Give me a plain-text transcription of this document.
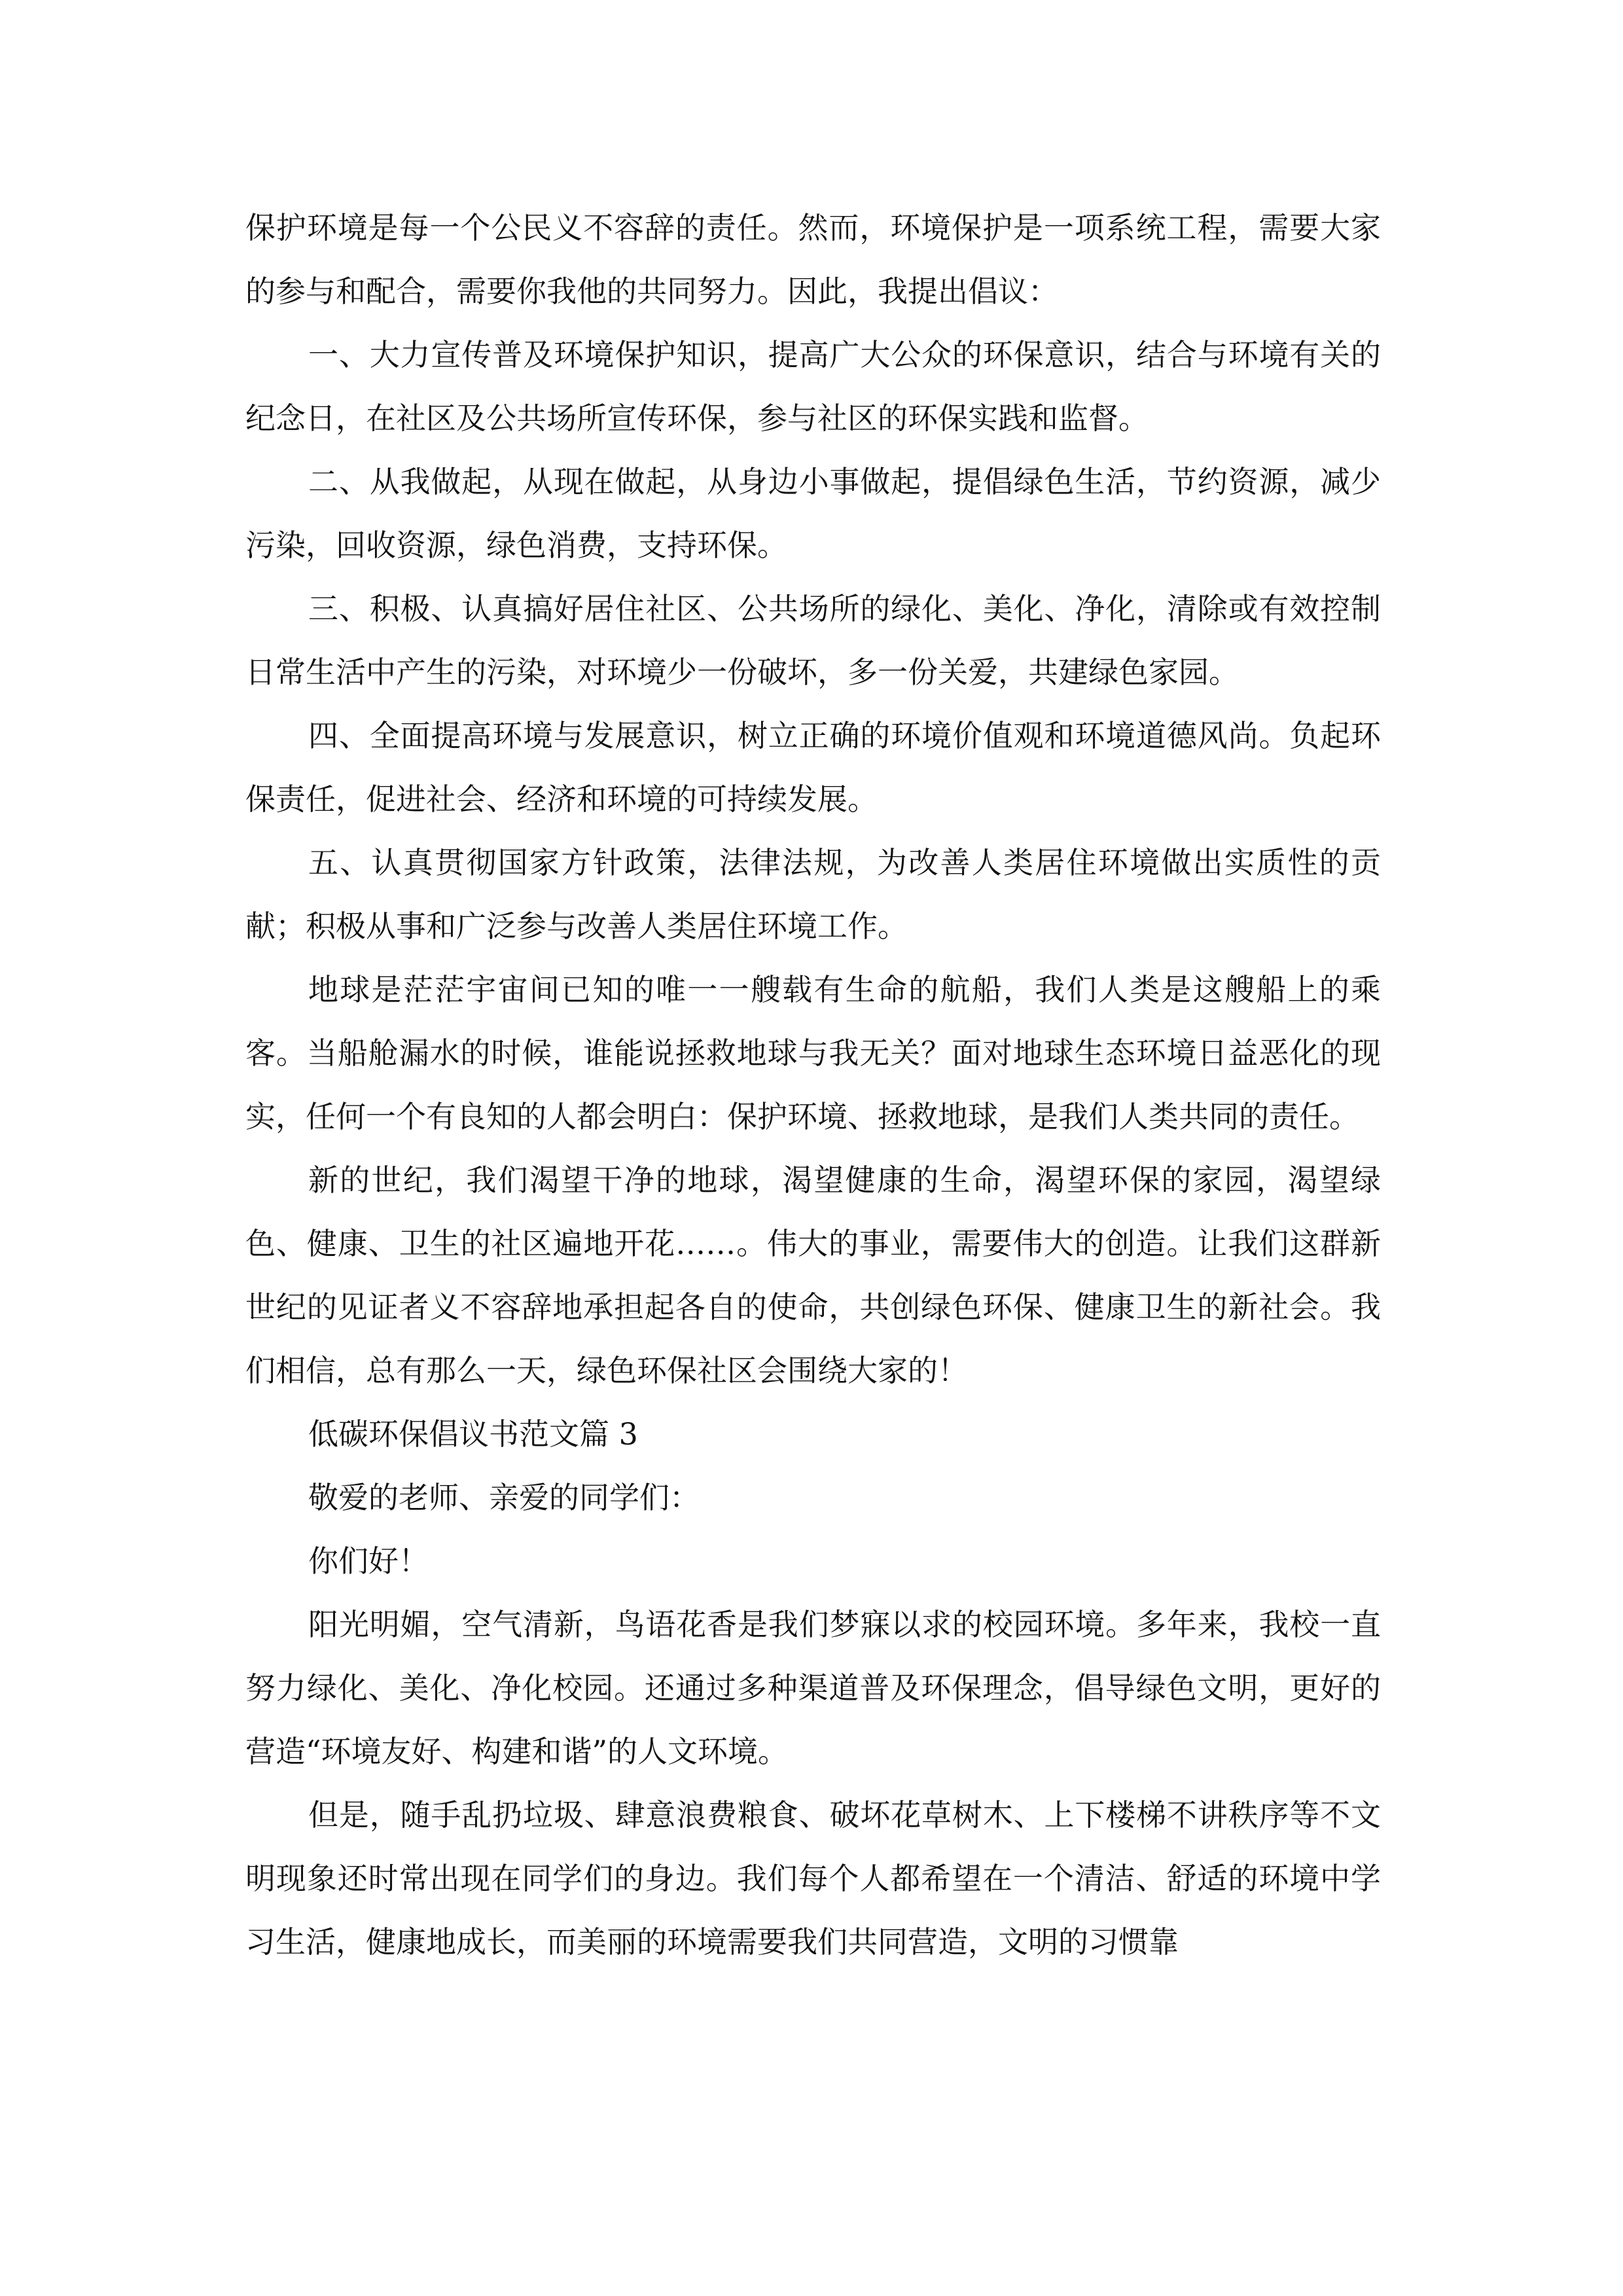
保护环境是每一个公民义不容辞的责任。然而，环境保护是一项系统工程，需要大家的参与和配合，需要你我他的共同努力。因此，我提出倡议：

一、大力宣传普及环境保护知识，提高广大公众的环保意识，结合与环境有关的纪念日，在社区及公共场所宣传环保，参与社区的环保实践和监督。

二、从我做起，从现在做起，从身边小事做起，提倡绿色生活，节约资源，减少污染，回收资源，绿色消费，支持环保。

三、积极、认真搞好居住社区、公共场所的绿化、美化、净化，清除或有效控制日常生活中产生的污染，对环境少一份破坏，多一份关爱，共建绿色家园。

四、全面提高环境与发展意识，树立正确的环境价值观和环境道德风尚。负起环保责任，促进社会、经济和环境的可持续发展。

五、认真贯彻国家方针政策，法律法规，为改善人类居住环境做出实质性的贡献；积极从事和广泛参与改善人类居住环境工作。

地球是茫茫宇宙间已知的唯一一艘载有生命的航船，我们人类是这艘船上的乘客。当船舱漏水的时候，谁能说拯救地球与我无关？面对地球生态环境日益恶化的现实，任何一个有良知的人都会明白：保护环境、拯救地球，是我们人类共同的责任。

新的世纪，我们渴望干净的地球，渴望健康的生命，渴望环保的家园，渴望绿色、健康、卫生的社区遍地开花……。伟大的事业，需要伟大的创造。让我们这群新世纪的见证者义不容辞地承担起各自的使命，共创绿色环保、健康卫生的新社会。我们相信，总有那么一天，绿色环保社区会围绕大家的！

低碳环保倡议书范文篇 3

敬爱的老师、亲爱的同学们：

你们好！

阳光明媚，空气清新，鸟语花香是我们梦寐以求的校园环境。多年来，我校一直努力绿化、美化、净化校园。还通过多种渠道普及环保理念，倡导绿色文明，更好的营造“环境友好、构建和谐”的人文环境。

但是，随手乱扔垃圾、肆意浪费粮食、破坏花草树木、上下楼梯不讲秩序等不文明现象还时常出现在同学们的身边。我们每个人都希望在一个清洁、舒适的环境中学习生活，健康地成长，而美丽的环境需要我们共同营造，文明的习惯靠
